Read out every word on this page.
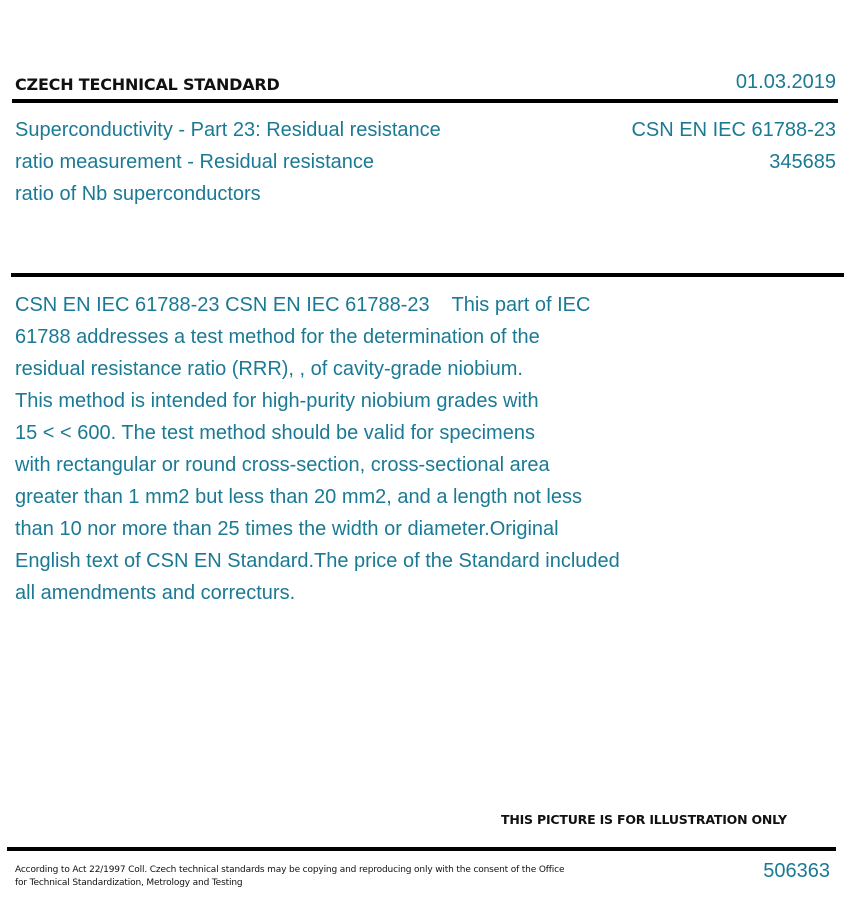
CZECH TECHNICAL STANDARD	01.03.2019
Superconductivity - Part 23: Residual resistance
ratio measurement - Residual resistance
ratio of Nb superconductors
CSN EN IEC 61788-23
345685
CSN EN IEC 61788-23 CSN EN IEC 61788-23    This part of IEC
61788 addresses a test method for the determination of the
residual resistance ratio (RRR), , of cavity-grade niobium.
This method is intended for high-purity niobium grades with
15 < < 600. The test method should be valid for specimens
with rectangular or round cross-section, cross-sectional area
greater than 1 mm2 but less than 20 mm2, and a length not less
than 10 nor more than 25 times the width or diameter.Original
English text of CSN EN Standard.The price of the Standard included
all amendments and correcturs.
THIS PICTURE IS FOR ILLUSTRATION ONLY
According to Act 22/1997 Coll. Czech technical standards may be copying and reproducing only with the consent of the Office
for Technical Standardization, Metrology and Testing
506363
